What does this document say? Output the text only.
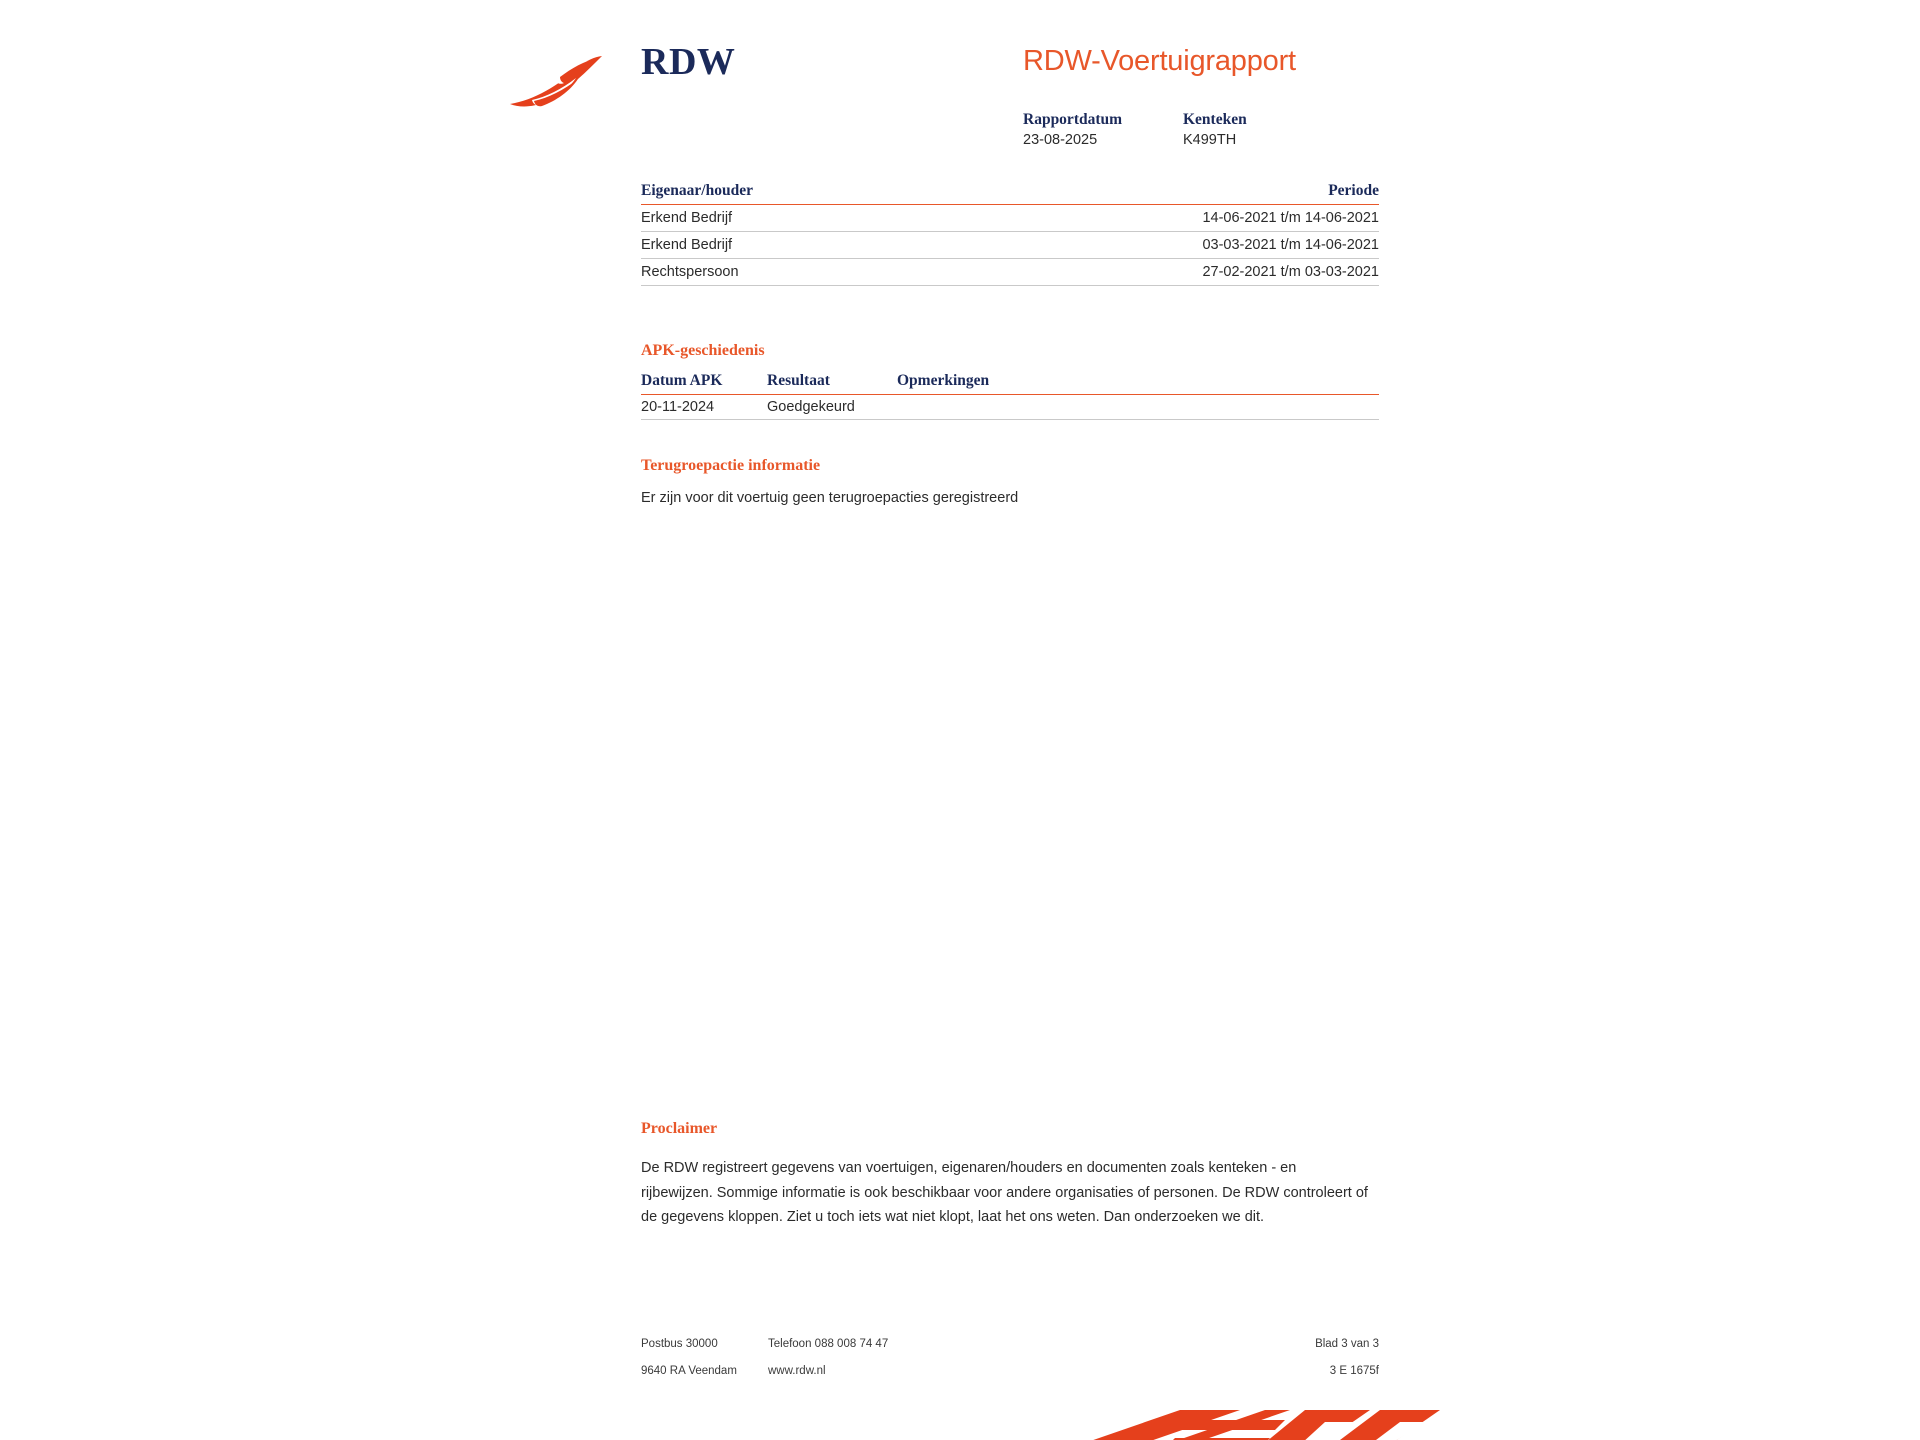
RDW	RDW-Voertuigrapport
Rapportdatum	Kenteken
23-08-2025	K499TH
Eigenaar/houder	Periode
Erkend Bedrijf	14-06-2021 t/m 14-06-2021
Erkend Bedrijf	03-03-2021 t/m 14-06-2021
Rechtspersoon	27-02-2021 t/m 03-03-2021
APK-geschiedenis
Datum APK	Resultaat	Opmerkingen
20-11-2024	Goedgekeurd
Terugroepactie informatie
Er zijn voor dit voertuig geen terugroepacties geregistreerd
Proclaimer
De RDW registreert gegevens van voertuigen, eigenaren/houders en documenten zoals kenteken - en rijbewijzen. Sommige informatie is ook beschikbaar voor andere organisaties of personen. De RDW controleert of de gegevens kloppen. Ziet u toch iets wat niet klopt, laat het ons weten. Dan onderzoeken we dit.
Postbus 30000	Telefoon 088 008 74 47	Blad 3 van 3
9640 RA Veendam	www.rdw.nl	3 E 1675f
